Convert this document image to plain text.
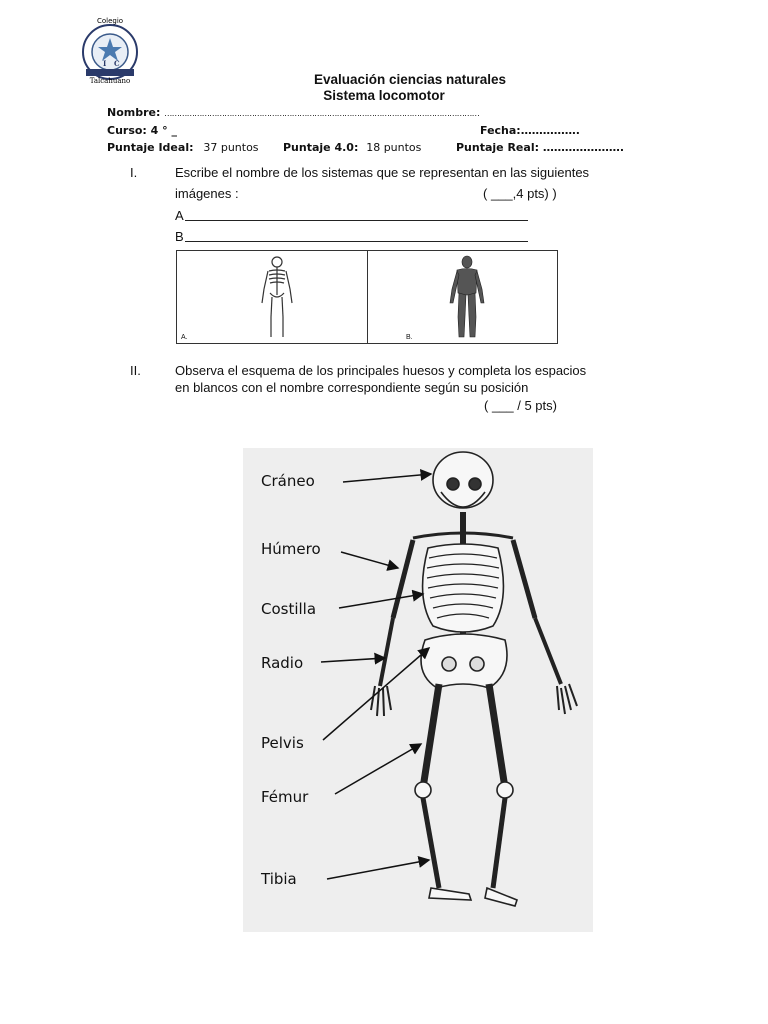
Colegio
I C
Talcahuano	Evaluación ciencias naturales
Sistema locomotor
Nombre: ………………………………………………………………………………………………………………
Curso: 4 ° _	Fecha:…………….
Puntaje Ideal: 37 puntos Puntaje 4.0: 18 puntos	Puntaje Real: ………………….
I.	Escribe el nombre de los sistemas que se representan en las siguientes
imágenes :	( ___,4 pts) )
A
B
A.	B.
II.	Observa el esquema de los principales huesos y completa los espacios
en blancos con el nombre correspondiente según su posición
( ___ / 5 pts)
Cráneo
Húmero
Costilla
Radio
Pelvis
Fémur
Tibia
